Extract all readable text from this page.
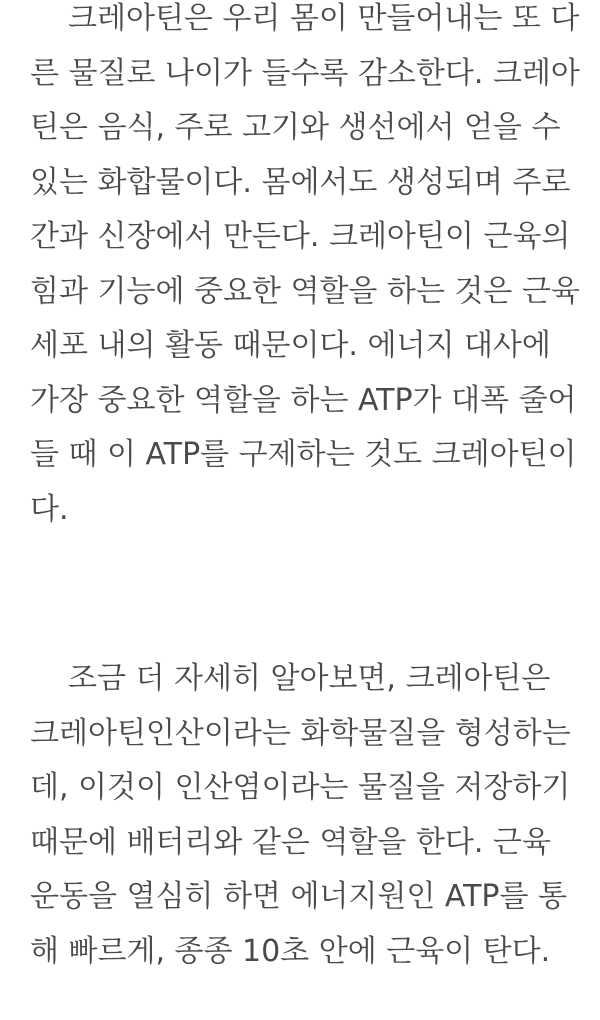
크레아틴은 우리 몸이 만들어내는 또 다
른 물질로 나이가 들수록 감소한다. 크레아
틴은 음식, 주로 고기와 생선에서 얻을 수
있는 화합물이다. 몸에서도 생성되며 주로
간과 신장에서 만든다. 크레아틴이 근육의
힘과 기능에 중요한 역할을 하는 것은 근육
세포 내의 활동 때문이다. 에너지 대사에
가장 중요한 역할을 하는 ATP가 대폭 줄어
들 때 이 ATP를 구제하는 것도 크레아틴이
다.
조금 더 자세히 알아보면, 크레아틴은
크레아틴인산이라는 화학물질을 형성하는
데, 이것이 인산염이라는 물질을 저장하기
때문에 배터리와 같은 역할을 한다. 근육
운동을 열심히 하면 에너지원인 ATP를 통
해 빠르게, 종종 10초 안에 근육이 탄다.
